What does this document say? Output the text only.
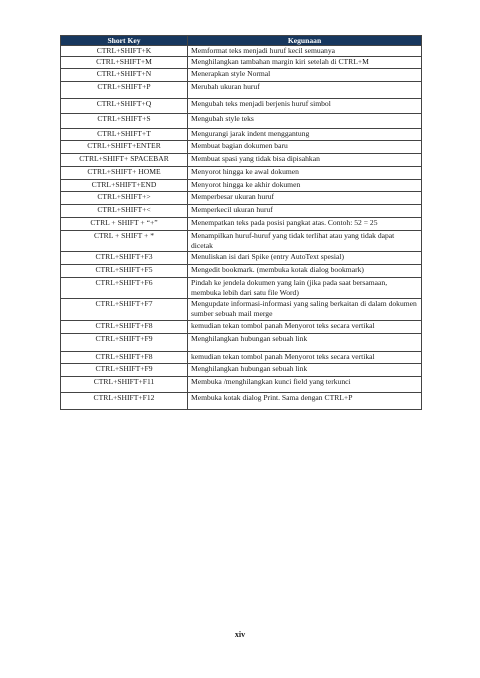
Short Key	Kegunaan
CTRL+SHIFT+K	Memformat teks menjadi huruf kecil semuanya
CTRL+SHIFT+M	Menghilangkan tambahan margin kiri setelah di CTRL+M
CTRL+SHIFT+N	Menerapkan style Normal
CTRL+SHIFT+P	Merubah ukuran huruf
CTRL+SHIFT+Q	Mengubah teks menjadi berjenis huruf simbol
CTRL+SHIFT+S	Mengubah style teks
CTRL+SHIFT+T	Mengurangi jarak indent menggantung
CTRL+SHIFT+ENTER	Membuat bagian dokumen baru
CTRL+SHIFT+ SPACEBAR	Membuat spasi yang tidak bisa dipisahkan
CTRL+SHIFT+ HOME	Menyorot hingga ke awal dokumen
CTRL+SHIFT+END	Menyorot hingga ke akhir dokumen
CTRL+SHIFT+>	Memperbesar ukuran huruf
CTRL+SHIFT+<	Memperkecil ukuran huruf
CTRL + SHIFT + “+”	Menempatkan teks pada posisi pangkat atas. Contoh: 52 = 25
CTRL + SHIFT + *	Menampilkan huruf-huruf yang tidak terlihat atau yang tidak dapat dicetak
CTRL+SHIFT+F3	Menuliskan isi dari Spike (entry AutoText spesial)
CTRL+SHIFT+F5	Mengedit bookmark. (membuka kotak dialog bookmark)
CTRL+SHIFT+F6	Pindah ke jendela dokumen yang lain (jika pada saat bersamaan, membuka lebih dari satu file Word)
CTRL+SHIFT+F7	Mengupdate informasi-informasi yang saling berkaitan di dalam dokumen sumber sebuah mail merge
CTRL+SHIFT+F8	kemudian tekan tombol panah Menyorot teks secara vertikal
CTRL+SHIFT+F9	Menghilangkan hubungan sebuah link
CTRL+SHIFT+F8	kemudian tekan tombol panah Menyorot teks secara vertikal
CTRL+SHIFT+F9	Menghilangkan hubungan sebuah link
CTRL+SHIFT+F11	Membuka /menghilangkan kunci field yang terkunci
CTRL+SHIFT+F12	Membuka kotak dialog Print. Sama dengan CTRL+P
xiv
